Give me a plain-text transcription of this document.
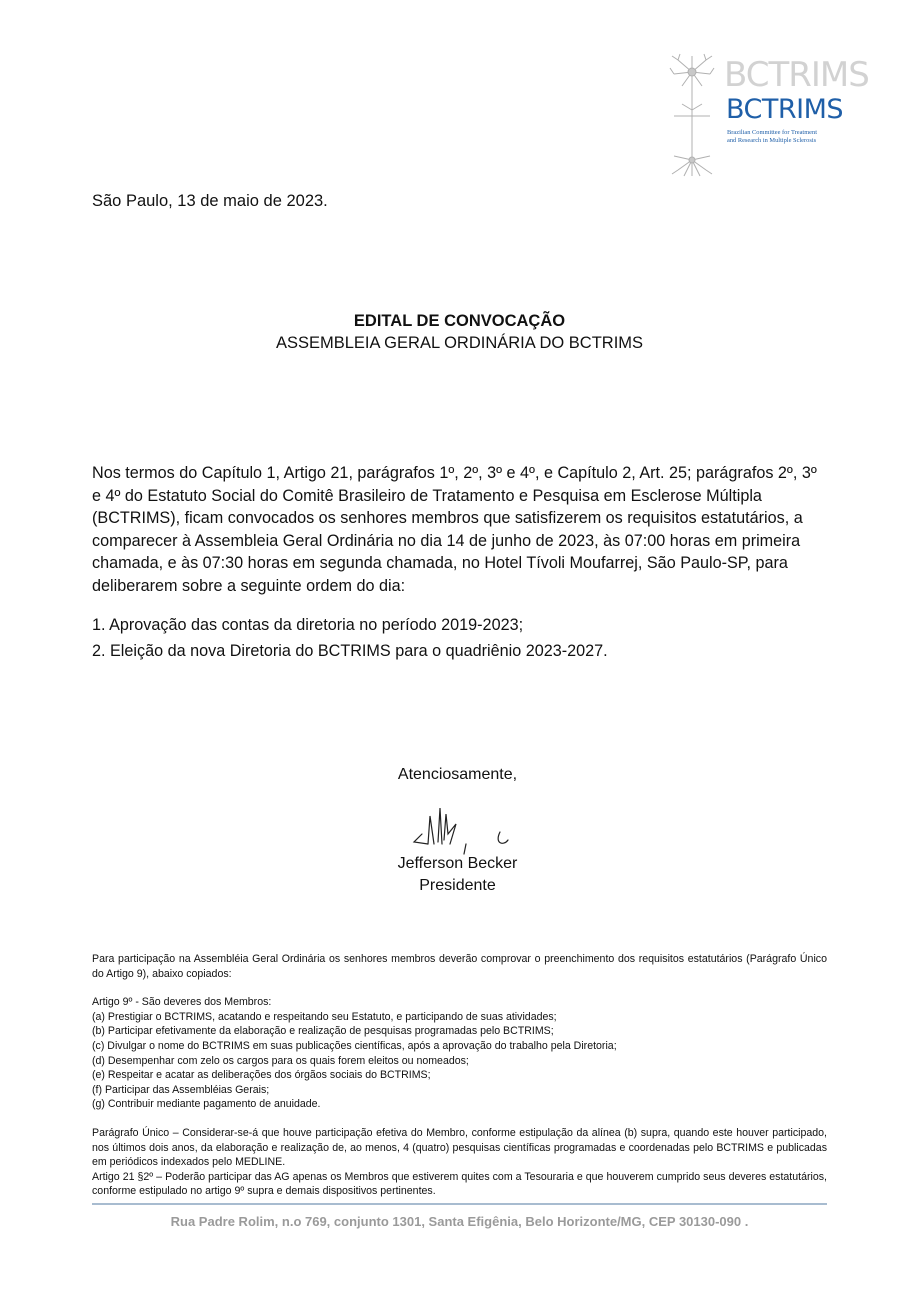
BCTRIMS
BCTRIMS
Brazilian Committee for Treatment
and Research in Multiple Sclerosis
São Paulo, 13 de maio de 2023.
EDITAL DE CONVOCAÇÃO
ASSEMBLEIA GERAL ORDINÁRIA DO BCTRIMS
Nos termos do Capítulo 1, Artigo 21, parágrafos 1º, 2º, 3º e 4º, e Capítulo 2, Art. 25; parágrafos 2º, 3º e 4º do Estatuto Social do Comitê Brasileiro de Tratamento e Pesquisa em Esclerose Múltipla (BCTRIMS), ficam convocados os senhores membros que satisfizerem os requisitos estatutários, a comparecer à Assembleia Geral Ordinária no dia 14 de junho de 2023, às 07:00 horas em primeira chamada, e às 07:30 horas em segunda chamada, no Hotel Tívoli Moufarrej, São Paulo-SP, para deliberarem sobre a seguinte ordem do dia:
1. Aprovação das contas da diretoria no período 2019-2023;
2. Eleição da nova Diretoria do BCTRIMS para o quadriênio 2023-2027.
Atenciosamente,
Jefferson Becker
Presidente

Para participação na Assembléia Geral Ordinária os senhores membros deverão comprovar o preenchimento dos requisitos estatutários (Parágrafo Único do Artigo 9), abaixo copiados:

Artigo 9º - São deveres dos Membros:

(a) Prestigiar o BCTRIMS, acatando e respeitando seu Estatuto, e participando de suas atividades;

(b) Participar efetivamente da elaboração e realização de pesquisas programadas pelo BCTRIMS;

(c) Divulgar o nome do BCTRIMS em suas publicações científicas, após a aprovação do trabalho pela Diretoria;

(d) Desempenhar com zelo os cargos para os quais forem eleitos ou nomeados;

(e) Respeitar e acatar as deliberações dos órgãos sociais do BCTRIMS;

(f) Participar das Assembléias Gerais;

(g) Contribuir mediante pagamento de anuidade.

Parágrafo Único – Considerar-se-á que houve participação efetiva do Membro, conforme estipulação da alínea (b) supra, quando este houver participado, nos últimos dois anos, da elaboração e realização de, ao menos, 4 (quatro) pesquisas científicas programadas e coordenadas pelo BCTRIMS e publicadas em periódicos indexados pelo MEDLINE.

Artigo 21 §2º – Poderão participar das AG apenas os Membros que estiverem quites com a Tesouraria e que houverem cumprido seus deveres estatutários, conforme estipulado no artigo 9º supra e demais dispositivos pertinentes.

Rua Padre Rolim, n.o 769, conjunto 1301, Santa Efigênia, Belo Horizonte/MG, CEP 30130-090 .
